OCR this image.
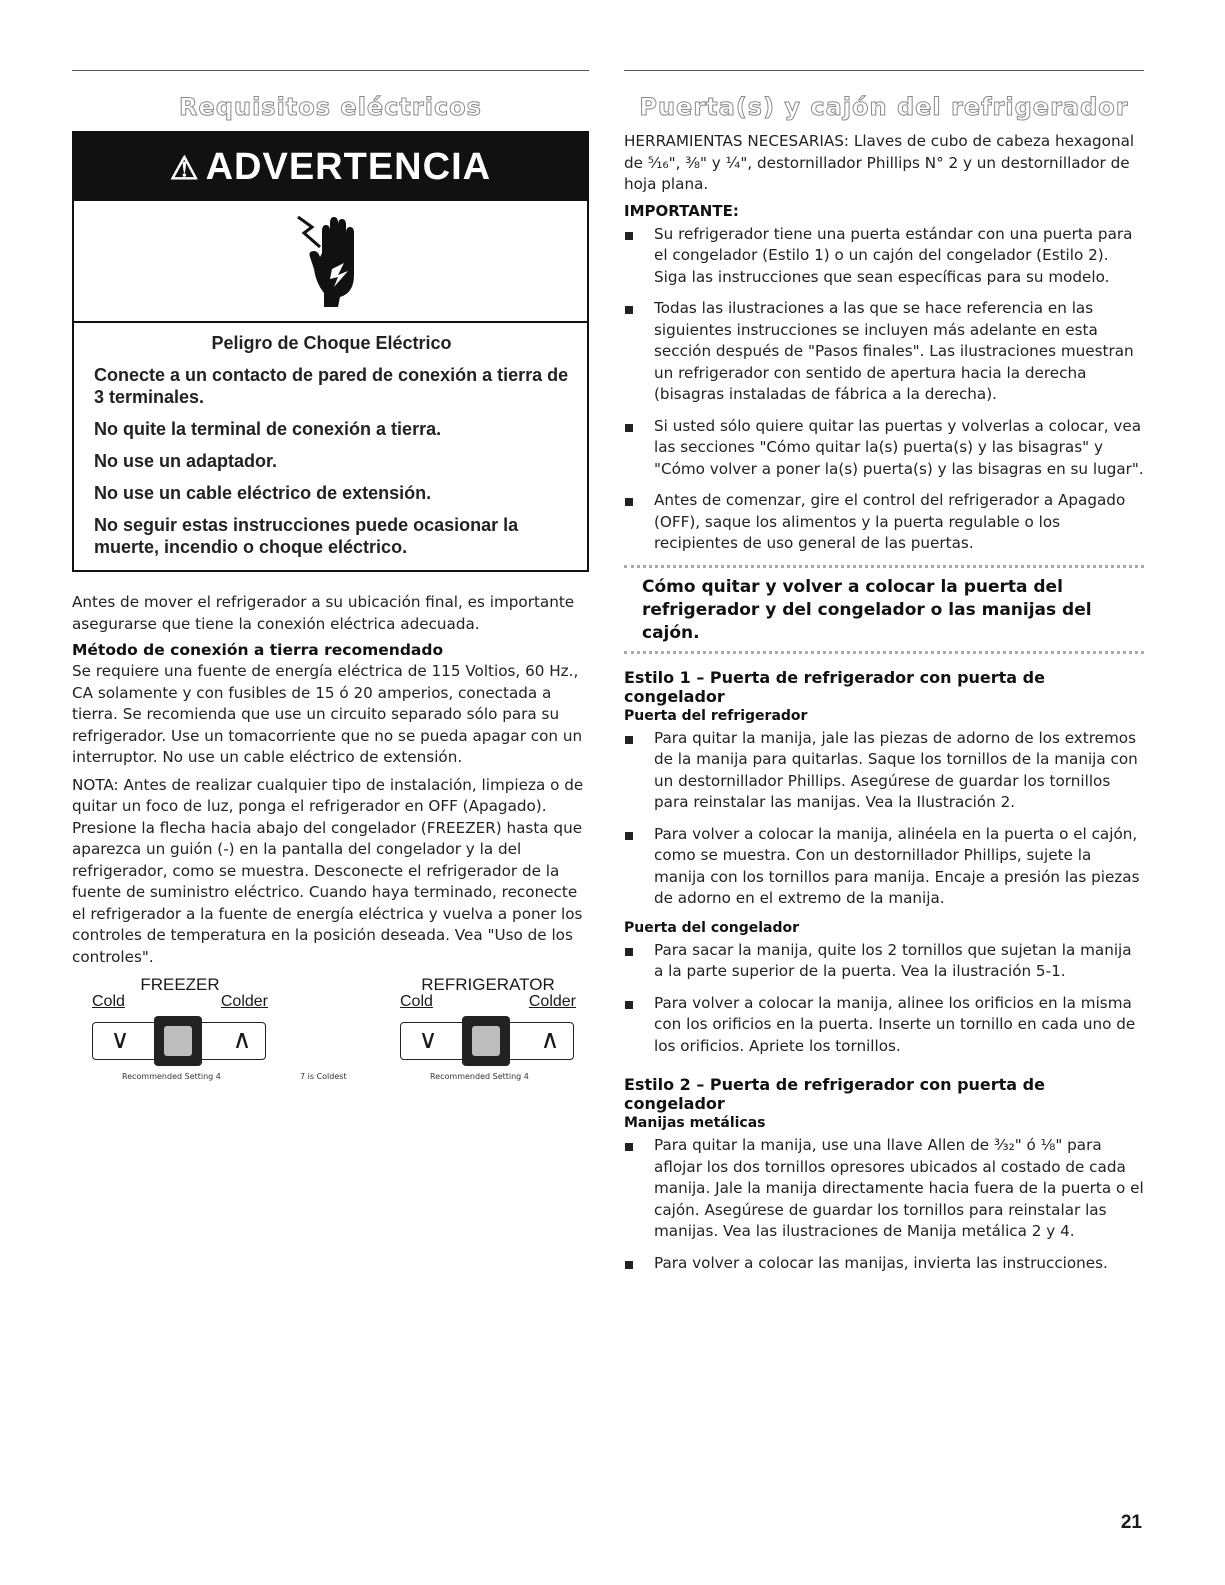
Requisitos eléctricos
⚠ ADVERTENCIA
Peligro de Choque Eléctrico

Conecte a un contacto de pared de conexión a tierra de 3 terminales.

No quite la terminal de conexión a tierra.

No use un adaptador.

No use un cable eléctrico de extensión.

No seguir estas instrucciones puede ocasionar la muerte, incendio o choque eléctrico.

Antes de mover el refrigerador a su ubicación final, es importante asegurarse que tiene la conexión eléctrica adecuada.

Método de conexión a tierra recomendado

Se requiere una fuente de energía eléctrica de 115 Voltios, 60 Hz., CA solamente y con fusibles de 15 ó 20 amperios, conectada a tierra. Se recomienda que use un circuito separado sólo para su refrigerador. Use un tomacorriente que no se pueda apagar con un interruptor. No use un cable eléctrico de extensión.

NOTA: Antes de realizar cualquier tipo de instalación, limpieza o de quitar un foco de luz, ponga el refrigerador en OFF (Apagado). Presione la flecha hacia abajo del congelador (FREEZER) hasta que aparezca un guión (-) en la pantalla del congelador y la del refrigerador, como se muestra. Desconecte el refrigerador de la fuente de suministro eléctrico. Cuando haya terminado, reconecte el refrigerador a la fuente de energía eléctrica y vuelva a poner los controles de temperatura en la posición deseada. Vea "Uso de los controles".

FREEZER
Cold	Colder
∨	∧
REFRIGERATOR
Cold	Colder
∨	∧
Recommended Setting 4	7 is Coldest	Recommended Setting 4
Puerta(s) y cajón del refrigerador

HERRAMIENTAS NECESARIAS: Llaves de cubo de cabeza hexagonal de ⁵⁄₁₆", ³⁄₈" y ¼", destornillador Phillips N° 2 y un destornillador de hoja plana.

IMPORTANTE:
Su refrigerador tiene una puerta estándar con una puerta para el congelador (Estilo 1) o un cajón del congelador (Estilo 2). Siga las instrucciones que sean específicas para su modelo.
Todas las ilustraciones a las que se hace referencia en las siguientes instrucciones se incluyen más adelante en esta sección después de "Pasos finales". Las ilustraciones muestran un refrigerador con sentido de apertura hacia la derecha (bisagras instaladas de fábrica a la derecha).
Si usted sólo quiere quitar las puertas y volverlas a colocar, vea las secciones "Cómo quitar la(s) puerta(s) y las bisagras" y "Cómo volver a poner la(s) puerta(s) y las bisagras en su lugar".
Antes de comenzar, gire el control del refrigerador a Apagado (OFF), saque los alimentos y la puerta regulable o los recipientes de uso general de las puertas.
Cómo quitar y volver a colocar la puerta del refrigerador y del congelador o las manijas del cajón.
Estilo 1 – Puerta de refrigerador con puerta de congelador
Puerta del refrigerador
Para quitar la manija, jale las piezas de adorno de los extremos de la manija para quitarlas. Saque los tornillos de la manija con un destornillador Phillips. Asegúrese de guardar los tornillos para reinstalar las manijas. Vea la Ilustración 2.
Para volver a colocar la manija, alinéela en la puerta o el cajón, como se muestra. Con un destornillador Phillips, sujete la manija con los tornillos para manija. Encaje a presión las piezas de adorno en el extremo de la manija.
Puerta del congelador
Para sacar la manija, quite los 2 tornillos que sujetan la manija a la parte superior de la puerta. Vea la ilustración 5-1.
Para volver a colocar la manija, alinee los orificios en la misma con los orificios en la puerta. Inserte un tornillo en cada uno de los orificios. Apriete los tornillos.
Estilo 2 – Puerta de refrigerador con puerta de congelador
Manijas metálicas
Para quitar la manija, use una llave Allen de ³⁄₃₂" ó ⅛" para aflojar los dos tornillos opresores ubicados al costado de cada manija. Jale la manija directamente hacia fuera de la puerta o el cajón. Asegúrese de guardar los tornillos para reinstalar las manijas. Vea las ilustraciones de Manija metálica 2 y 4.
Para volver a colocar las manijas, invierta las instrucciones.
21
